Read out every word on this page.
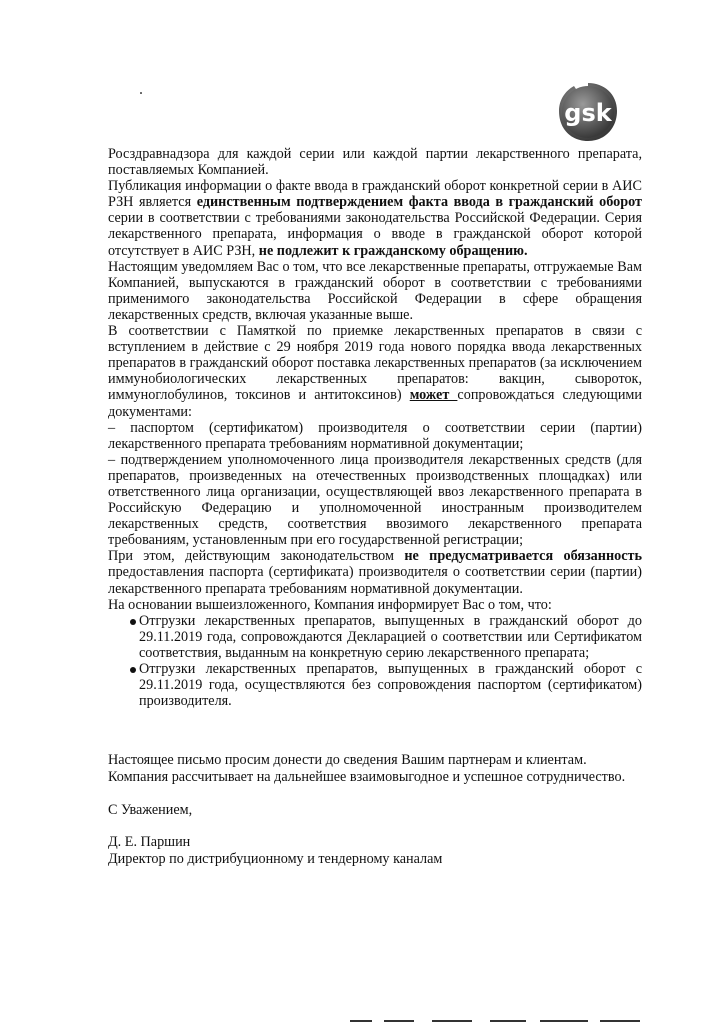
gsk

Росздравнадзора для каждой серии или каждой партии лекарственного препарата, поставляемых Компанией.

Публикация информации о факте ввода в гражданский оборот конкретной серии в АИС РЗН является единственным подтверждением факта ввода в гражданский оборот серии в соответствии с требованиями законодательства Российской Федерации. Серия лекарственного препарата, информация о вводе в гражданской оборот которой отсутствует в АИС РЗН, не подлежит к гражданскому обращению.

Настоящим уведомляем Вас о том, что все лекарственные препараты, отгружаемые Вам Компанией, выпускаются в гражданский оборот в соответствии с требованиями применимого законодательства Российской Федерации в сфере обращения лекарственных средств, включая указанные выше.

В соответствии с Памяткой по приемке лекарственных препаратов в связи с вступлением в действие с 29 ноября 2019 года нового порядка ввода лекарственных препаратов в гражданский оборот поставка лекарственных препаратов (за исключением иммунобиологических лекарственных препаратов: вакцин, сывороток, иммуноглобулинов, токсинов и антитоксинов) может сопровождаться следующими документами:

– паспортом (сертификатом) производителя о соответствии серии (партии) лекарственного препарата требованиям нормативной документации;

– подтверждением уполномоченного лица производителя лекарственных средств (для препаратов, произведенных на отечественных производственных площадках) или ответственного лица организации, осуществляющей ввоз лекарственного препарата в Российскую Федерацию и уполномоченной иностранным производителем лекарственных средств, соответствия ввозимого лекарственного препарата требованиям, установленным при его государственной регистрации;

При этом, действующим законодательством не предусматривается обязанность предоставления паспорта (сертификата) производителя о соответствии серии (партии) лекарственного препарата требованиям нормативной документации.

На основании вышеизложенного, Компания информирует Вас о том, что:

Отгрузки лекарственных препаратов, выпущенных в гражданский оборот до 29.11.2019 года, сопровождаются Декларацией о соответствии или Сертификатом соответствия, выданным на конкретную серию лекарственного препарата;
Отгрузки лекарственных препаратов, выпущенных в гражданский оборот с 29.11.2019 года, осуществляются без сопровождения паспортом (сертификатом) производителя.

Настоящее письмо просим донести до сведения Вашим партнерам и клиентам.

Компания рассчитывает на дальнейшее взаимовыгодное и успешное сотрудничество.

С Уважением,
Д. Е. Паршин
Директор по дистрибуционному и тендерному каналам
